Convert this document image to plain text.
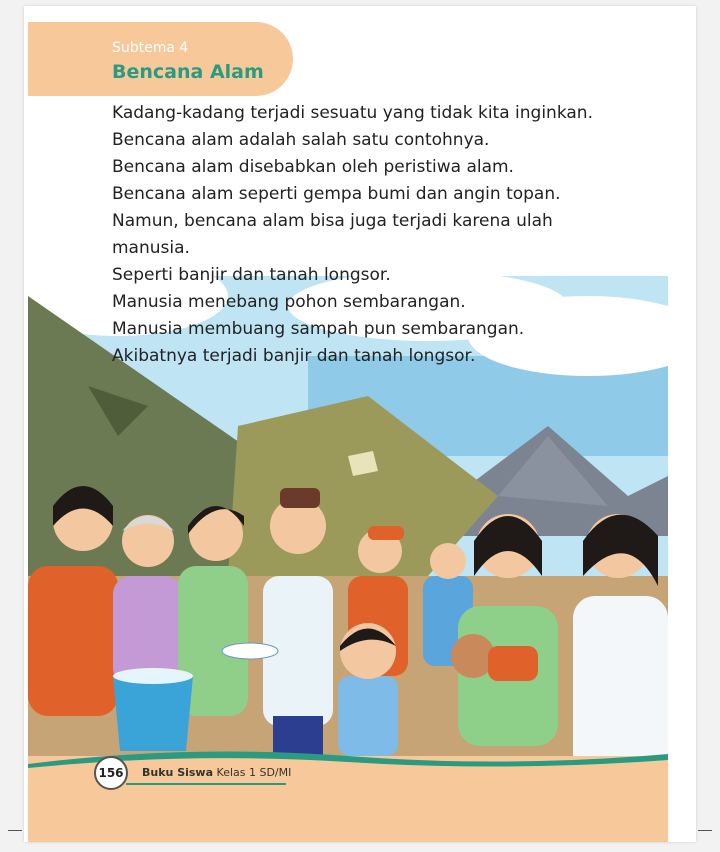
Subtema 4
Bencana Alam

Kadang-kadang terjadi sesuatu yang tidak kita inginkan.

Bencana alam adalah salah satu contohnya.

Bencana alam disebabkan oleh peristiwa alam.

Bencana alam seperti gempa bumi dan angin topan.

Namun, bencana alam bisa juga terjadi karena ulah manusia.

Seperti banjir dan tanah longsor.

Manusia menebang pohon sembarangan.

Manusia membuang sampah pun sembarangan.

Akibatnya terjadi banjir dan tanah longsor.

156	Buku Siswa Kelas 1 SD/MI
